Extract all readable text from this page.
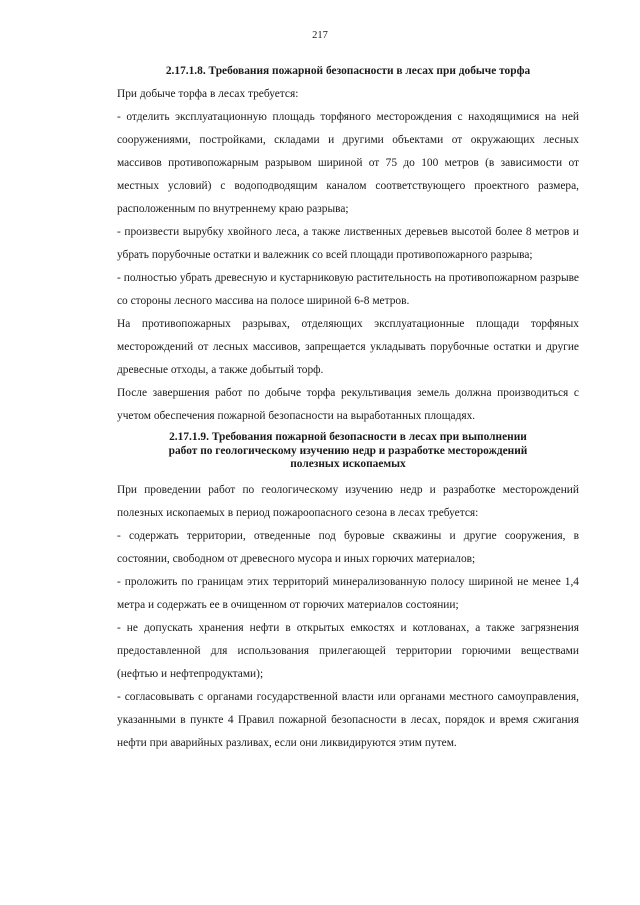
217

2.17.1.8. Требования пожарной безопасности в лесах при добыче торфа

При добыче торфа в лесах требуется:

- отделить эксплуатационную площадь торфяного месторождения с находящимися на ней сооружениями, постройками, складами и другими объектами от окружающих лесных массивов противопожарным разрывом шириной от 75 до 100 метров (в зависимости от местных условий) с водоподводящим каналом соответствующего проектного размера, расположенным по внутреннему краю разрыва;

- произвести вырубку хвойного леса, а также лиственных деревьев высотой более 8 метров и убрать порубочные остатки и валежник со всей площади противопожарного разрыва;

- полностью убрать древесную и кустарниковую растительность на противопожарном разрыве со стороны лесного массива на полосе шириной 6-8 метров.

На противопожарных разрывах, отделяющих эксплуатационные площади торфяных месторождений от лесных массивов, запрещается укладывать порубочные остатки и другие древесные отходы, а также добытый торф.

После завершения работ по добыче торфа рекультивация земель должна производиться с учетом обеспечения пожарной безопасности на выработанных площадях.

2.17.1.9. Требования пожарной безопасности в лесах при выполнении
работ по геологическому изучению недр и разработке месторождений
полезных ископаемых

При проведении работ по геологическому изучению недр и разработке месторождений полезных ископаемых в период пожароопасного сезона в лесах требуется:

- содержать территории, отведенные под буровые скважины и другие сооружения, в состоянии, свободном от древесного мусора и иных горючих материалов;

- проложить по границам этих территорий минерализованную полосу шириной не менее 1,4 метра и содержать ее в очищенном от горючих материалов состоянии;

- не допускать хранения нефти в открытых емкостях и котлованах, а также загрязнения предоставленной для использования прилегающей территории горючими веществами (нефтью и нефтепродуктами);

- согласовывать с органами государственной власти или органами местного самоуправления, указанными в пункте 4 Правил пожарной безопасности в лесах, порядок и время сжигания нефти при аварийных разливах, если они ликвидируются этим путем.
